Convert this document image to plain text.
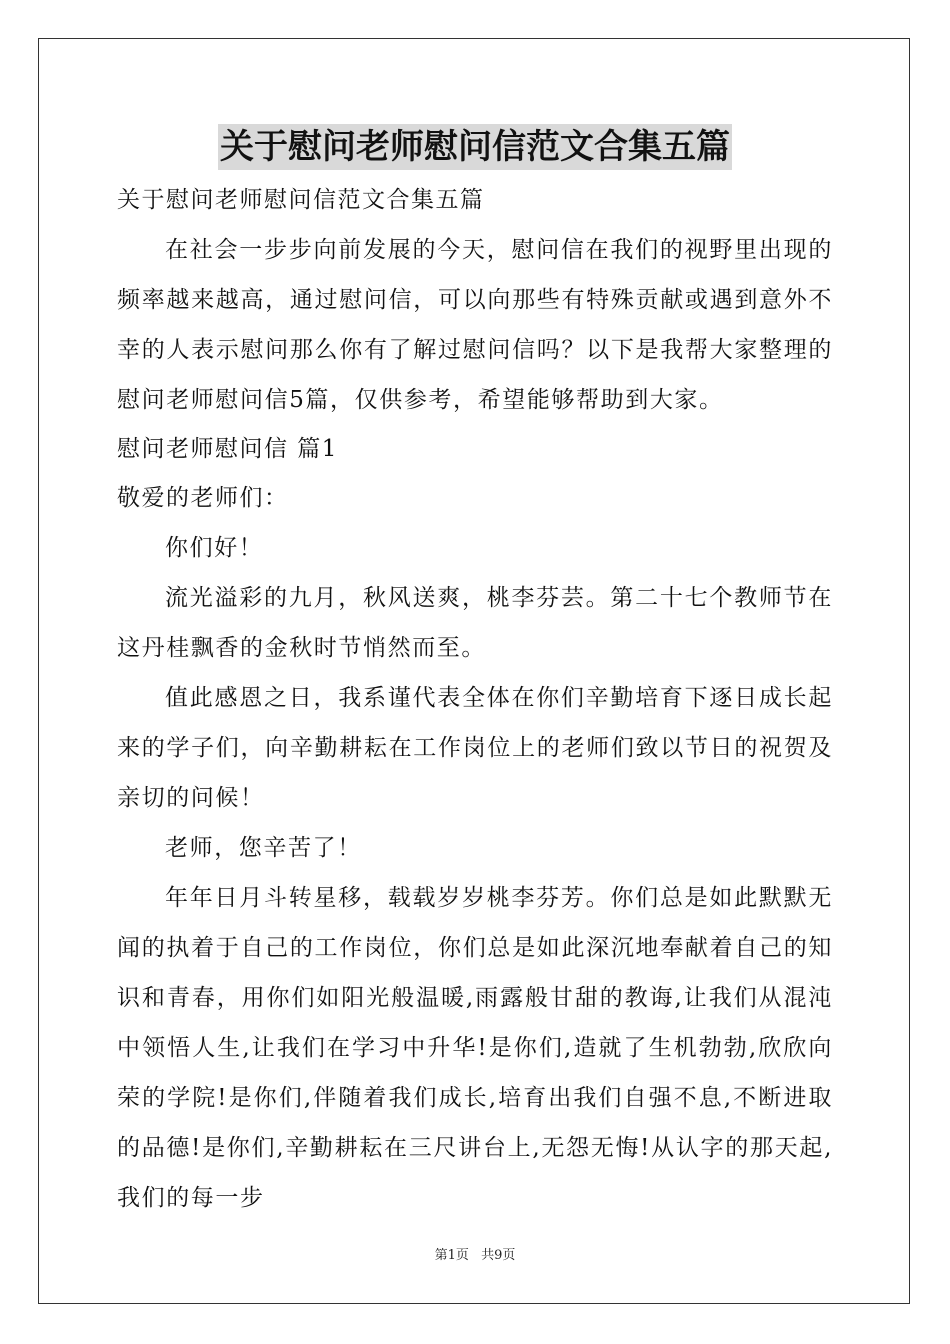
关于慰问老师慰问信范文合集五篇

关于慰问老师慰问信范文合集五篇

在社会一步步向前发展的今天，慰问信在我们的视野里出现的频率越来越高，通过慰问信，可以向那些有特殊贡献或遇到意外不幸的人表示慰问那么你有了解过慰问信吗？以下是我帮大家整理的慰问老师慰问信5篇，仅供参考，希望能够帮助到大家。

慰问老师慰问信 篇1

敬爱的老师们：

你们好！

流光溢彩的九月，秋风送爽，桃李芬芸。第二十七个教师节在这丹桂飘香的金秋时节悄然而至。

值此感恩之日，我系谨代表全体在你们辛勤培育下逐日成长起来的学子们，向辛勤耕耘在工作岗位上的老师们致以节日的祝贺及亲切的问候！

老师，您辛苦了！

年年日月斗转星移，载载岁岁桃李芬芳。你们总是如此默默无闻的执着于自己的工作岗位，你们总是如此深沉地奉献着自己的知识和青春，用你们如阳光般温暖,雨露般甘甜的教诲,让我们从混沌中领悟人生,让我们在学习中升华!是你们,造就了生机勃勃,欣欣向荣的学院!是你们,伴随着我们成长,培育出我们自强不息,不断进取的品德!是你们,辛勤耕耘在三尺讲台上,无怨无悔!从认字的那天起,我们的每一步

第1页 共9页
